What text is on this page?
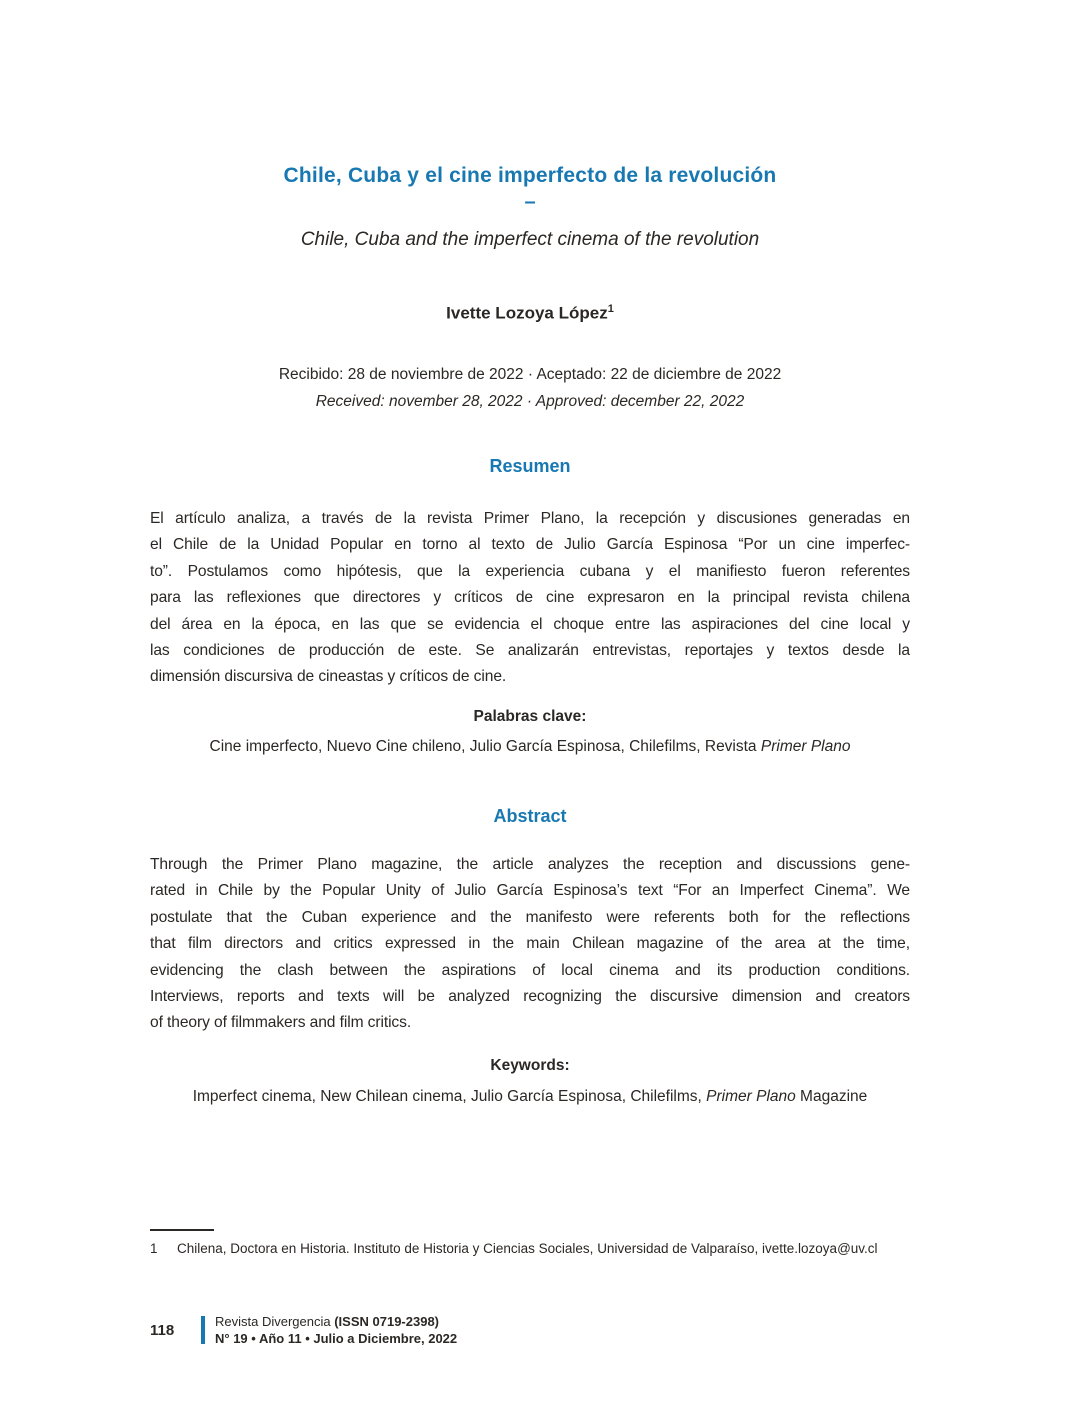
Chile, Cuba y el cine imperfecto de la revolución
–
Chile, Cuba and the imperfect cinema of the revolution
Ivette Lozoya López$^1$
Recibido: 28 de noviembre de 2022 · Aceptado: 22 de diciembre de 2022
Received: november 28, 2022 · Approved: december 22, 2022
Resumen
El artículo analiza, a través de la revista Primer Plano, la recepción y discusiones generadas en
el Chile de la Unidad Popular en torno al texto de Julio García Espinosa “Por un cine imperfec-
to”. Postulamos como hipótesis, que la experiencia cubana y el manifiesto fueron referentes
para las reflexiones que directores y críticos de cine expresaron en la principal revista chilena
del área en la época, en las que se evidencia el choque entre las aspiraciones del cine local y
las condiciones de producción de este. Se analizarán entrevistas, reportajes y textos desde la
dimensión discursiva de cineastas y críticos de cine.
Palabras clave:
Cine imperfecto, Nuevo Cine chileno, Julio García Espinosa, Chilefilms, Revista Primer Plano
Abstract
Through the Primer Plano magazine, the article analyzes the reception and discussions gene-
rated in Chile by the Popular Unity of Julio García Espinosa’s text “For an Imperfect Cinema”. We
postulate that the Cuban experience and the manifesto were referents both for the reflections
that film directors and critics expressed in the main Chilean magazine of the area at the time,
evidencing the clash between the aspirations of local cinema and its production conditions.
Interviews, reports and texts will be analyzed recognizing the discursive dimension and creators
of theory of filmmakers and film critics.
Keywords:
Imperfect cinema, New Chilean cinema, Julio García Espinosa, Chilefilms, Primer Plano Magazine
1	Chilena, Doctora en Historia. Instituto de Historia y Ciencias Sociales, Universidad de Valparaíso, ivette.lozoya@uv.cl
118
Revista Divergencia (ISSN 0719-2398)
N° 19 • Año 11 • Julio a Diciembre, 2022
